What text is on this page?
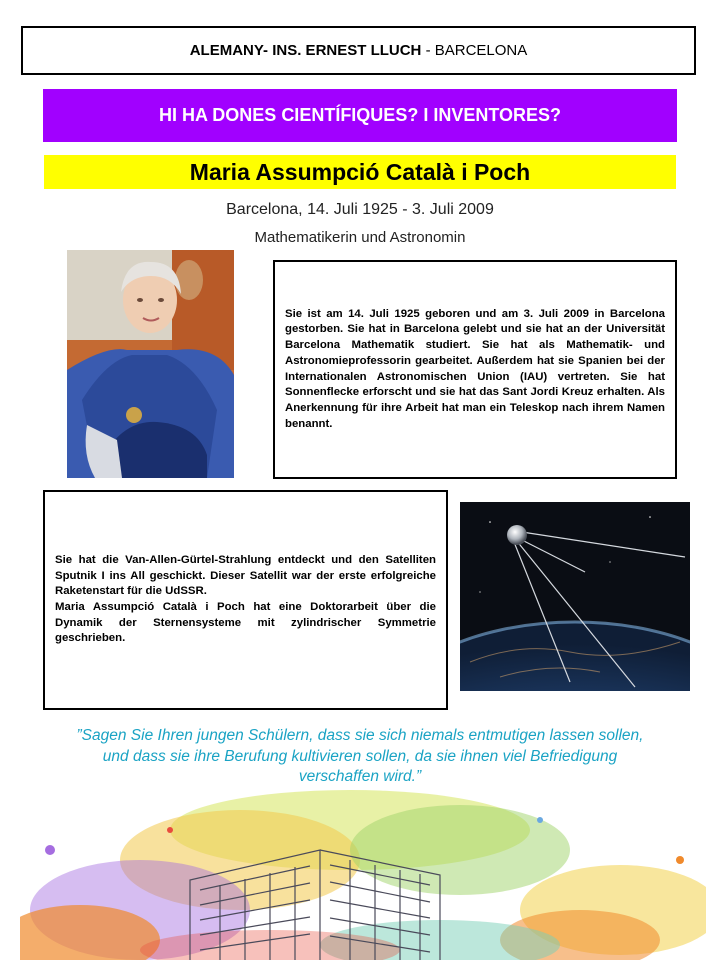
ALEMANY- INS. ERNEST LLUCH - BARCELONA
HI HA DONES CIENTÍFIQUES? I INVENTORES?
Maria Assumpció Català i Poch
Barcelona, 14. Juli 1925 - 3. Juli 2009
Mathematikerin und Astronomin

Sie ist am 14. Juli 1925 geboren und am 3. Juli 2009 in Barcelona gestorben. Sie hat in Barcelona gelebt und sie hat an der Universität Barcelona Mathematik studiert. Sie hat als Mathematik- und Astronomieprofessorin gearbeitet. Außerdem hat sie Spanien bei der Internationalen Astronomischen Union (IAU) vertreten. Sie hat Sonnenflecke erforscht und sie hat das Sant Jordi Kreuz erhalten. Als Anerkennung für ihre Arbeit hat man ein Teleskop nach ihrem Namen benannt.

Sie hat die Van-Allen-Gürtel-Strahlung entdeckt und den Satelliten Sputnik I ins All geschickt. Dieser Satellit war der erste erfolgreiche Raketenstart für die UdSSR.
Maria Assumpció Català i Poch hat eine Doktorarbeit über die Dynamik der Sternensysteme mit zylindrischer Symmetrie geschrieben.

”Sagen Sie Ihren jungen Schülern, dass sie sich niemals entmutigen lassen sollen, und dass sie ihre Berufung kultivieren sollen, da sie ihnen viel Befriedigung verschaffen wird.”
